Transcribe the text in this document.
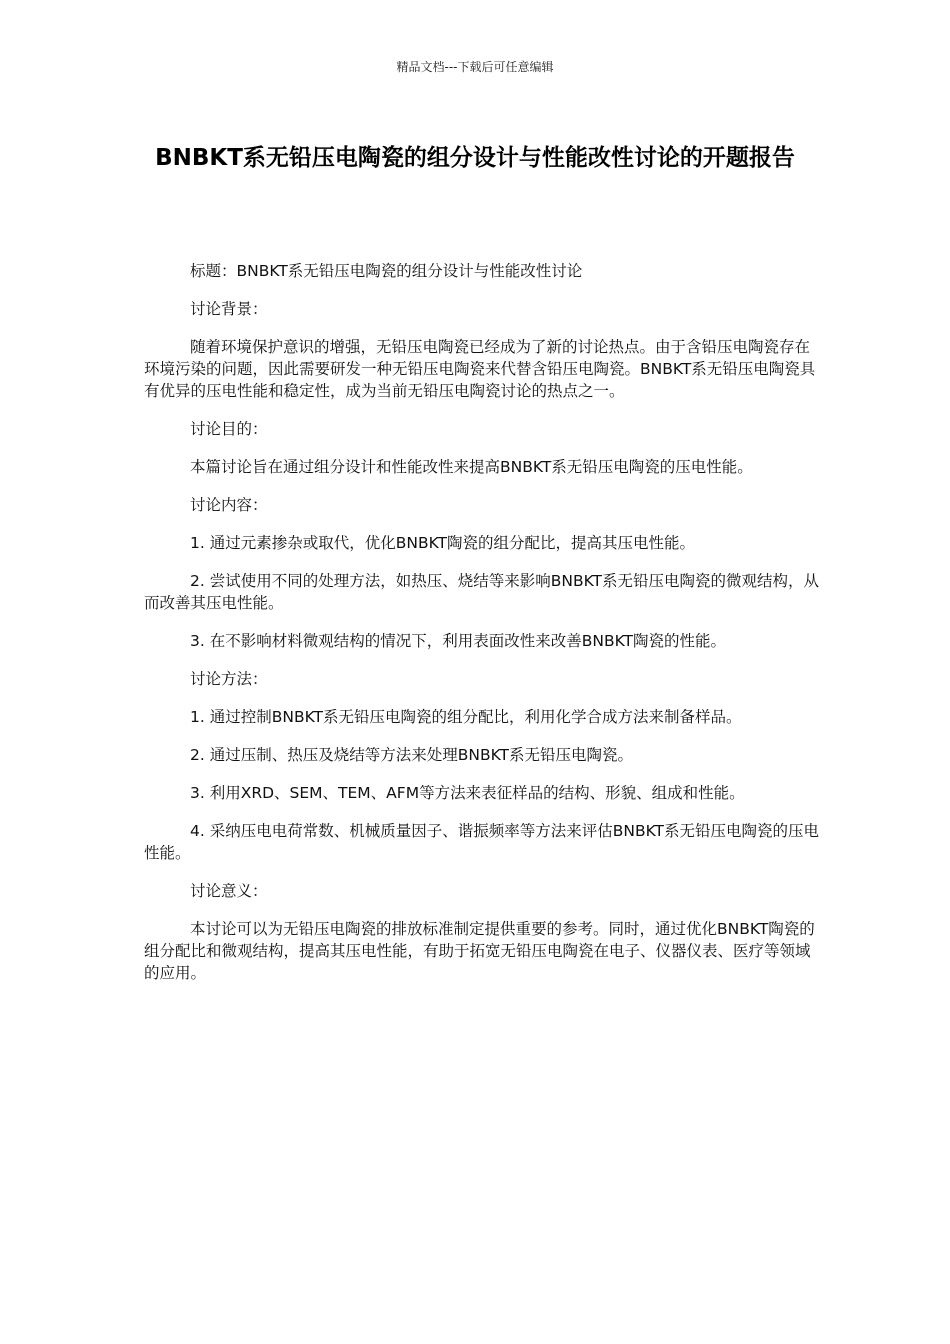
精品文档---下载后可任意编辑
BNBKT系无铅压电陶瓷的组分设计与性能改性讨论的开题报告

标题：BNBKT系无铅压电陶瓷的组分设计与性能改性讨论

讨论背景：

随着环境保护意识的增强，无铅压电陶瓷已经成为了新的讨论热点。由于含铅压电陶瓷存在环境污染的问题，因此需要研发一种无铅压电陶瓷来代替含铅压电陶瓷。BNBKT系无铅压电陶瓷具有优异的压电性能和稳定性，成为当前无铅压电陶瓷讨论的热点之一。

讨论目的：

本篇讨论旨在通过组分设计和性能改性来提高BNBKT系无铅压电陶瓷的压电性能。

讨论内容：

1. 通过元素掺杂或取代，优化BNBKT陶瓷的组分配比，提高其压电性能。

2. 尝试使用不同的处理方法，如热压、烧结等来影响BNBKT系无铅压电陶瓷的微观结构，从而改善其压电性能。

3. 在不影响材料微观结构的情况下，利用表面改性来改善BNBKT陶瓷的性能。

讨论方法：

1. 通过控制BNBKT系无铅压电陶瓷的组分配比，利用化学合成方法来制备样品。

2. 通过压制、热压及烧结等方法来处理BNBKT系无铅压电陶瓷。

3. 利用XRD、SEM、TEM、AFM等方法来表征样品的结构、形貌、组成和性能。

4. 采纳压电电荷常数、机械质量因子、谐振频率等方法来评估BNBKT系无铅压电陶瓷的压电性能。

讨论意义：

本讨论可以为无铅压电陶瓷的排放标准制定提供重要的参考。同时，通过优化BNBKT陶瓷的组分配比和微观结构，提高其压电性能，有助于拓宽无铅压电陶瓷在电子、仪器仪表、医疗等领域的应用。
